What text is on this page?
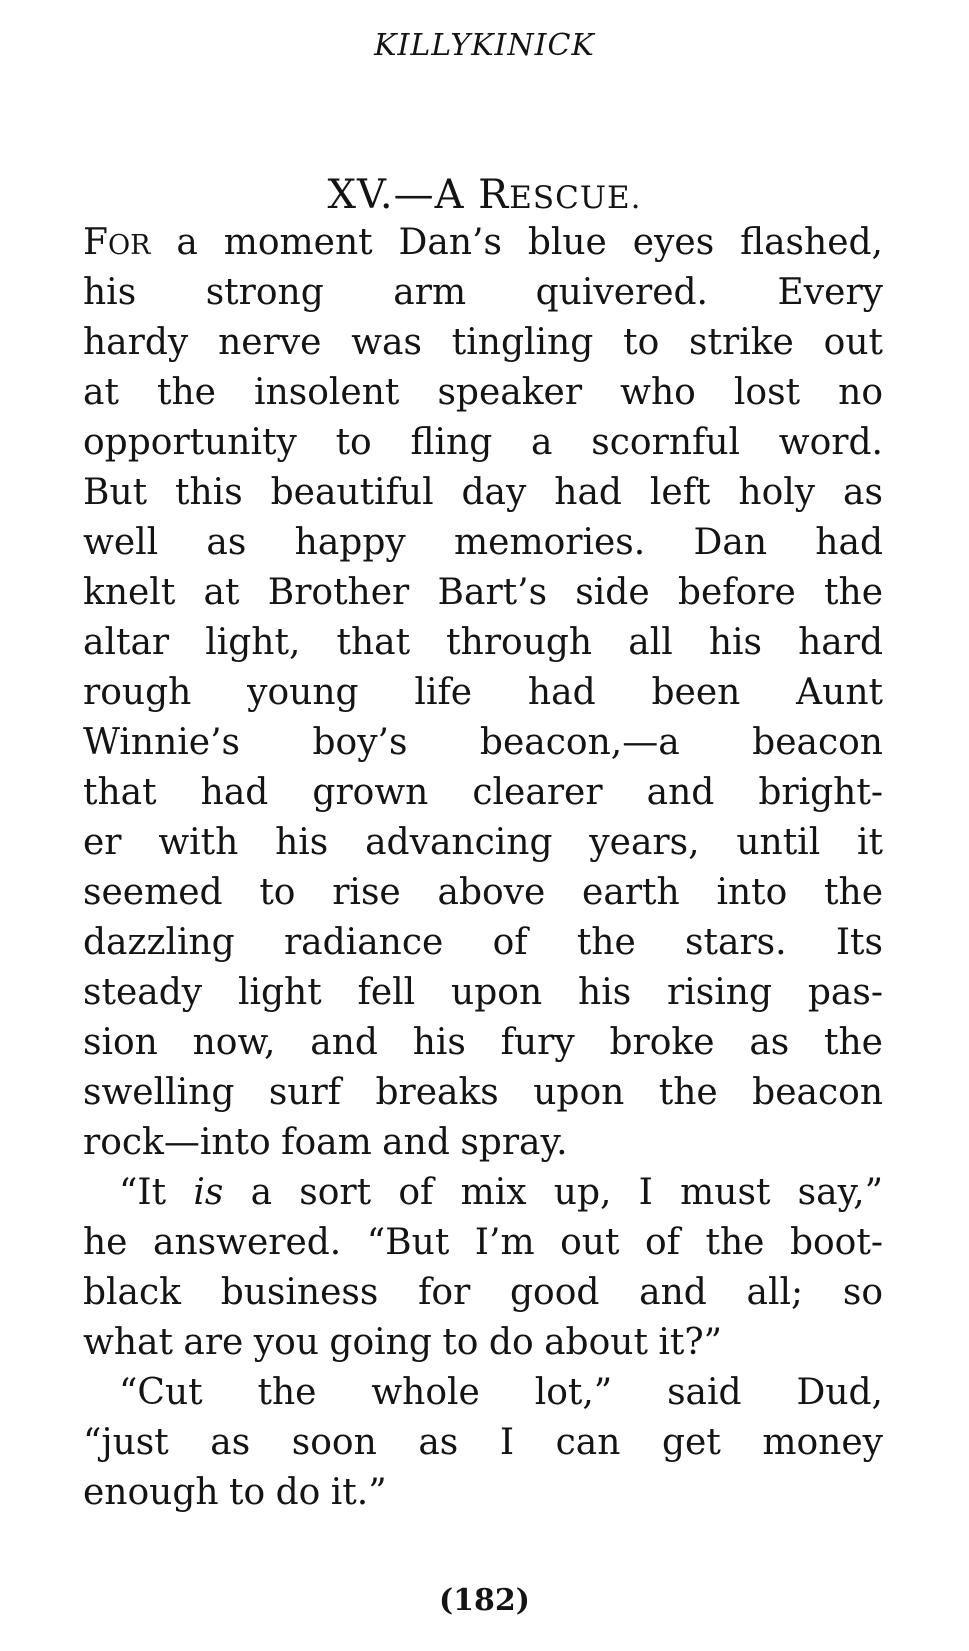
KILLYKINICK
XV.—A RESCUE.
FOR a moment Dan’s blue eyes flashed,
his strong arm quivered. Every
hardy nerve was tingling to strike out
at the insolent speaker who lost no
opportunity to fling a scornful word.
But this beautiful day had left holy as
well as happy memories. Dan had
knelt at Brother Bart’s side before the
altar light, that through all his hard
rough young life had been Aunt
Winnie’s boy’s beacon,—a beacon
that had grown clearer and bright-
er with his advancing years, until it
seemed to rise above earth into the
dazzling radiance of the stars. Its
steady light fell upon his rising pas-
sion now, and his fury broke as the
swelling surf breaks upon the beacon
rock—into foam and spray.
“It is a sort of mix up, I must say,”
he answered. “But I’m out of the boot-
black business for good and all; so
what are you going to do about it?”
“Cut the whole lot,” said Dud,
“just as soon as I can get money
enough to do it.”
(182)
